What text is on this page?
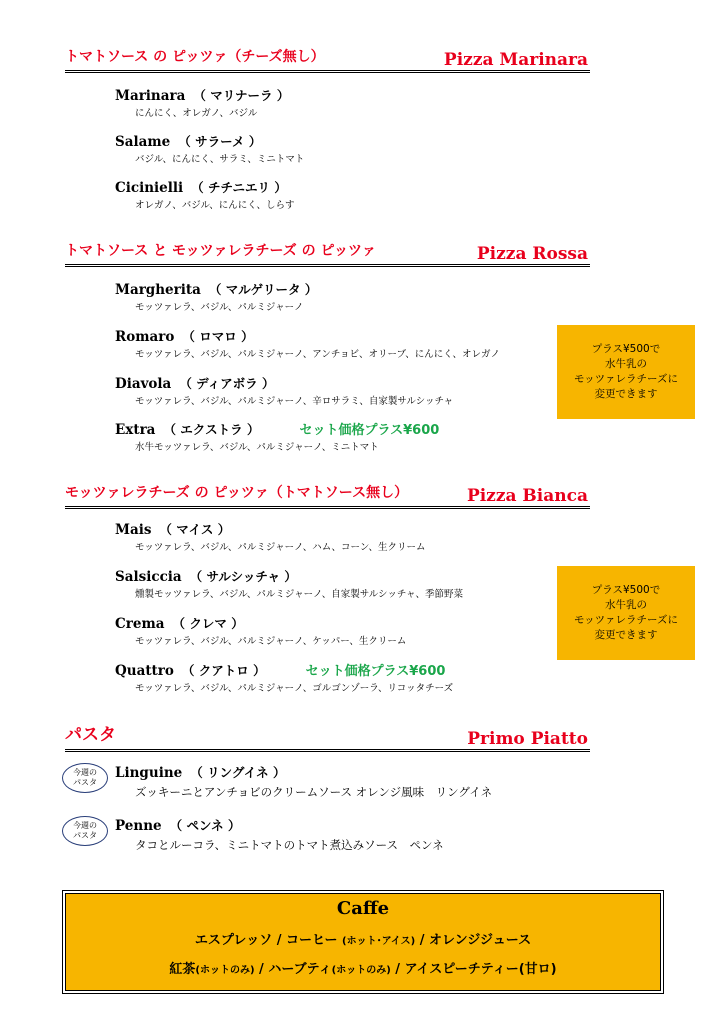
トマトソース の ピッツァ（チーズ無し）	Pizza Marinara
Marinara （ マリナーラ ）
にんにく、オレガノ、バジル
Salame （ サラーメ ）
バジル、にんにく、サラミ、ミニトマト
Cicinielli （ チチニエリ ）
オレガノ、バジル、にんにく、しらす
トマトソース と モッツァレラチーズ の ピッツァ	Pizza Rossa
Margherita （ マルゲリータ ）
モッツァレラ、バジル、パルミジャーノ
Romaro （ ロマロ ）
モッツァレラ、バジル、パルミジャーノ、アンチョビ、オリーブ、にんにく、オレガノ
Diavola （ ディアボラ ）
モッツァレラ、バジル、パルミジャーノ、辛ロサラミ、自家製サルシッチャ
Extra （ エクストラ ）	セット価格プラス¥600
水牛モッツァレラ、バジル、パルミジャーノ、ミニトマト
プラス¥500で
水牛乳の
モッツァレラチーズに
変更できます
モッツァレラチーズ の ピッツァ（トマトソース無し）	Pizza Bianca
Mais （ マイス ）
モッツァレラ、バジル、パルミジャーノ、ハム、コーン、生クリーム
Salsiccia （ サルシッチャ ）
燻製モッツァレラ、バジル、パルミジャーノ、自家製サルシッチャ、季節野菜
Crema （ クレマ ）
モッツァレラ、バジル、パルミジャーノ、ケッパー、生クリーム
Quattro （ クアトロ ）	セット価格プラス¥600
モッツァレラ、バジル、パルミジャーノ、ゴルゴンゾーラ、リコッタチーズ
プラス¥500で
水牛乳の
モッツァレラチーズに
変更できます
パスタ	Primo Piatto
今週の
パスタ
Linguine （ リングイネ ）
ズッキーニとアンチョビのクリームソース オレンジ風味　リングイネ
今週の
パスタ
Penne （ ペンネ ）
タコとルーコラ、ミニトマトのトマト煮込みソース　ペンネ
Caffe
エスプレッソ / コーヒー (ホット･アイス) / オレンジジュース
紅茶(ホットのみ) / ハーブティ(ホットのみ) / アイスピーチティー(甘ロ)
